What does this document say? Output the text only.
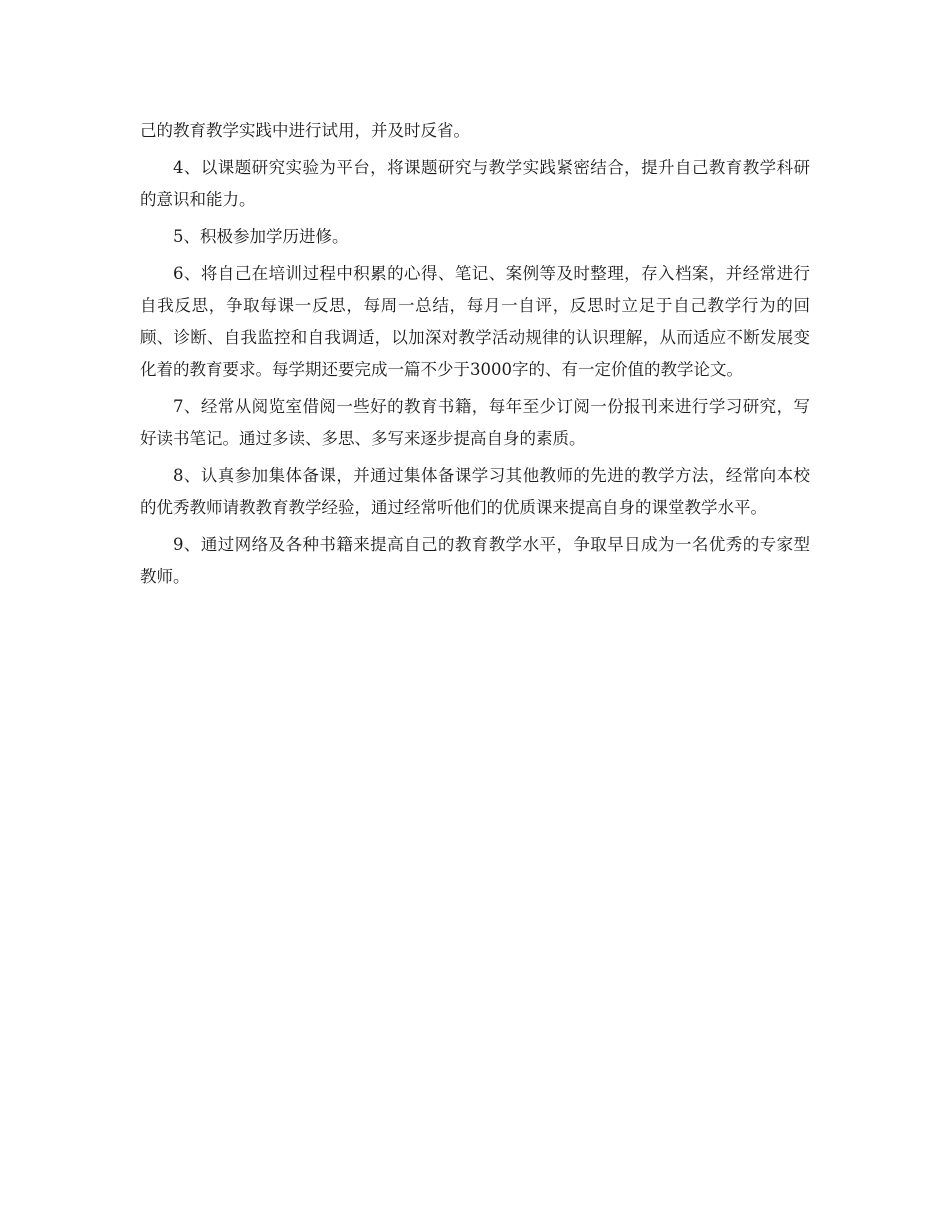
己的教育教学实践中进行试用，并及时反省。

4、以课题研究实验为平台，将课题研究与教学实践紧密结合，提升自己教育教学科研的意识和能力。

5、积极参加学历进修。

6、将自己在培训过程中积累的心得、笔记、案例等及时整理，存入档案，并经常进行自我反思，争取每课一反思，每周一总结，每月一自评，反思时立足于自己教学行为的回顾、诊断、自我监控和自我调适，以加深对教学活动规律的认识理解，从而适应不断发展变化着的教育要求。每学期还要完成一篇不少于3000字的、有一定价值的教学论文。

7、经常从阅览室借阅一些好的教育书籍，每年至少订阅一份报刊来进行学习研究，写好读书笔记。通过多读、多思、多写来逐步提高自身的素质。

8、认真参加集体备课，并通过集体备课学习其他教师的先进的教学方法，经常向本校的优秀教师请教教育教学经验，通过经常听他们的优质课来提高自身的课堂教学水平。

9、通过网络及各种书籍来提高自己的教育教学水平，争取早日成为一名优秀的专家型教师。
